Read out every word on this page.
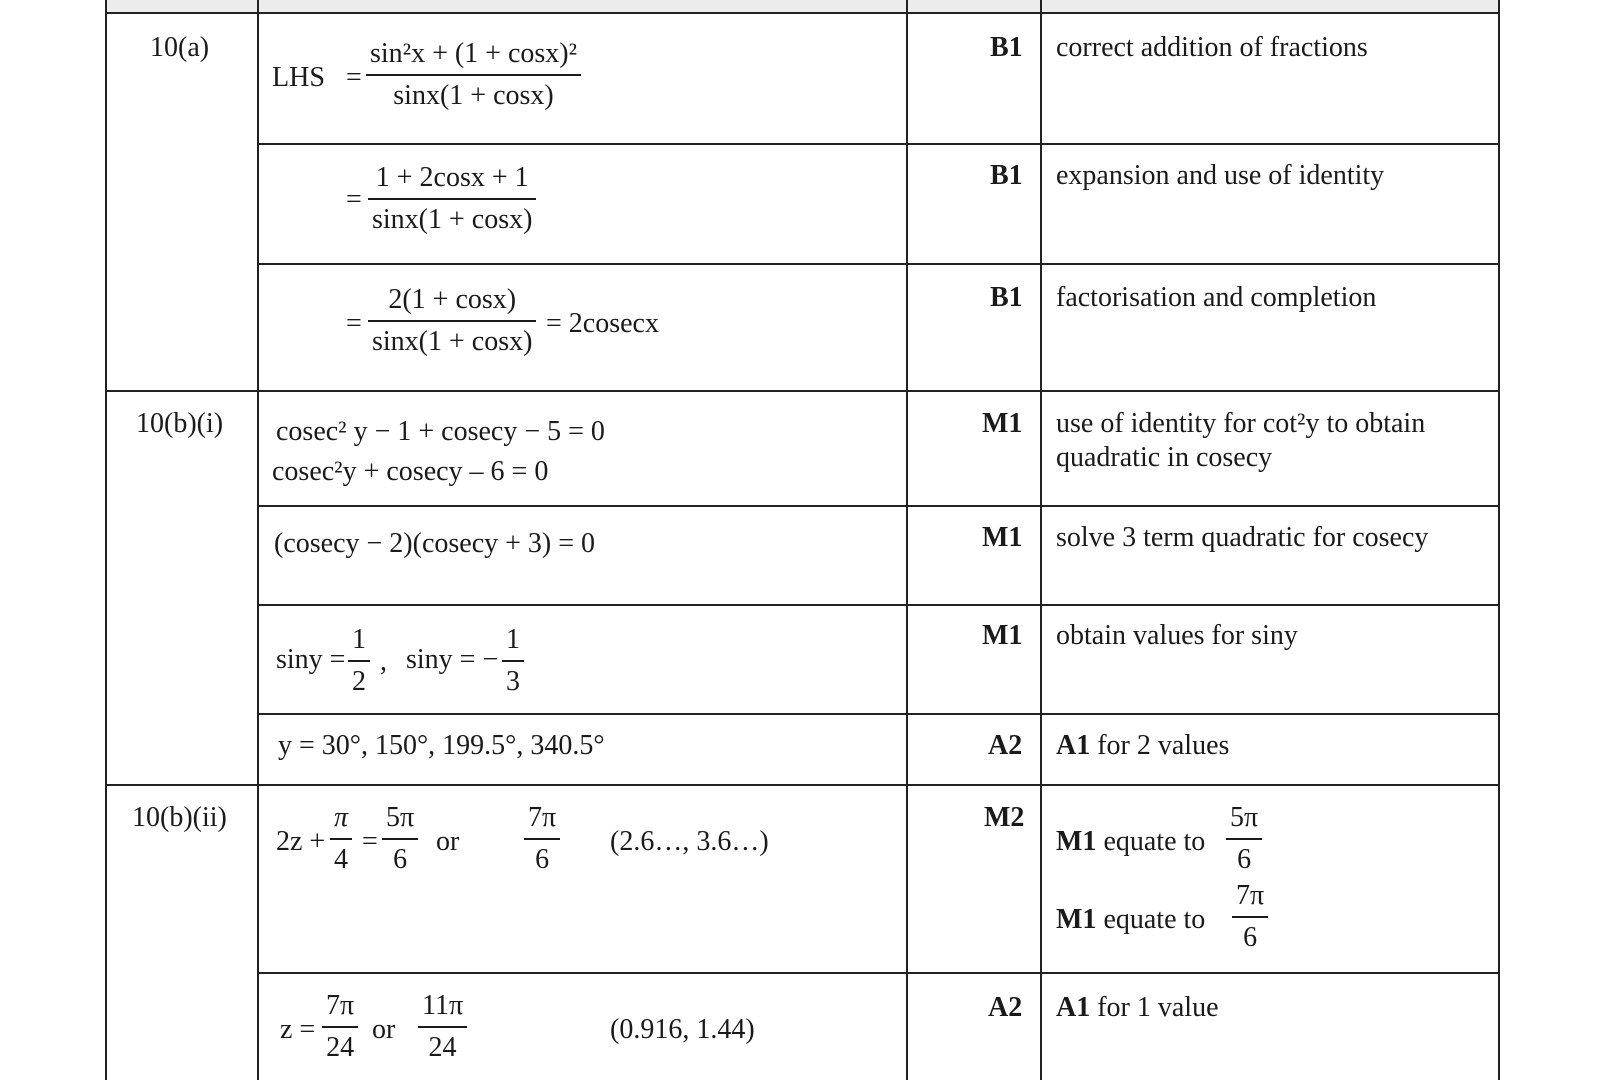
10(a)
LHS =
sin²x + (1 + cosx)²
sinx(1 + cosx)
B1 correct addition of fractions
=
1 + 2cosx + 1
sinx(1 + cosx)
B1 expansion and use of identity
=
2(1 + cosx)
sinx(1 + cosx)
= 2cosecx
B1 factorisation and completion
10(b)(i) cosec² y − 1 + cosecy − 5 = 0
cosec²y + cosecy – 6 = 0
M1 use of identity for cot²y to obtain
quadratic in cosecy
(cosecy − 2)(cosecy + 3) = 0	M1 solve 3 term quadratic for cosecy
siny =
1
2
, siny = −
1
3
M1 obtain values for siny
y = 30°, 150°, 199.5°, 340.5°	A2 A1 for 2 values
10(b)(ii)
2z +
π
4
=
5π
6
or
7π
6
(2.6…, 3.6…)
M2
M1 equate to
5π
6
M1 equate to
7π
6
z =
7π
24
or
11π
24
(0.916, 1.44)
A2 A1 for 1 value
